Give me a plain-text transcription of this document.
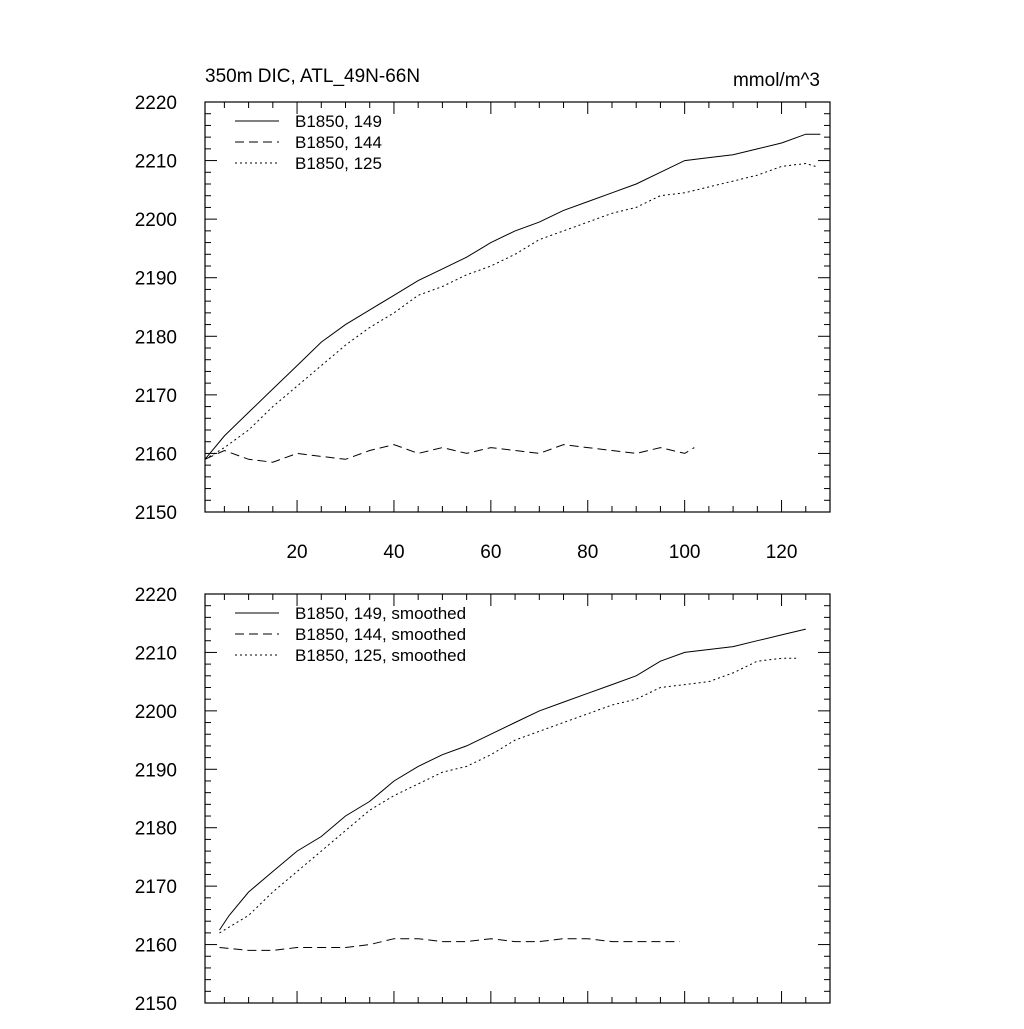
350m DIC, ATL_49N-66N	mmol/m^3
2150
2160
2170
2180
2190
2200
2210
2220
20	40	60	80	100	120
B1850, 149
B1850, 144
B1850, 125
2150
2160
2170
2180
2190
2200
2210
2220
B1850, 149, smoothed
B1850, 144, smoothed
B1850, 125, smoothed
